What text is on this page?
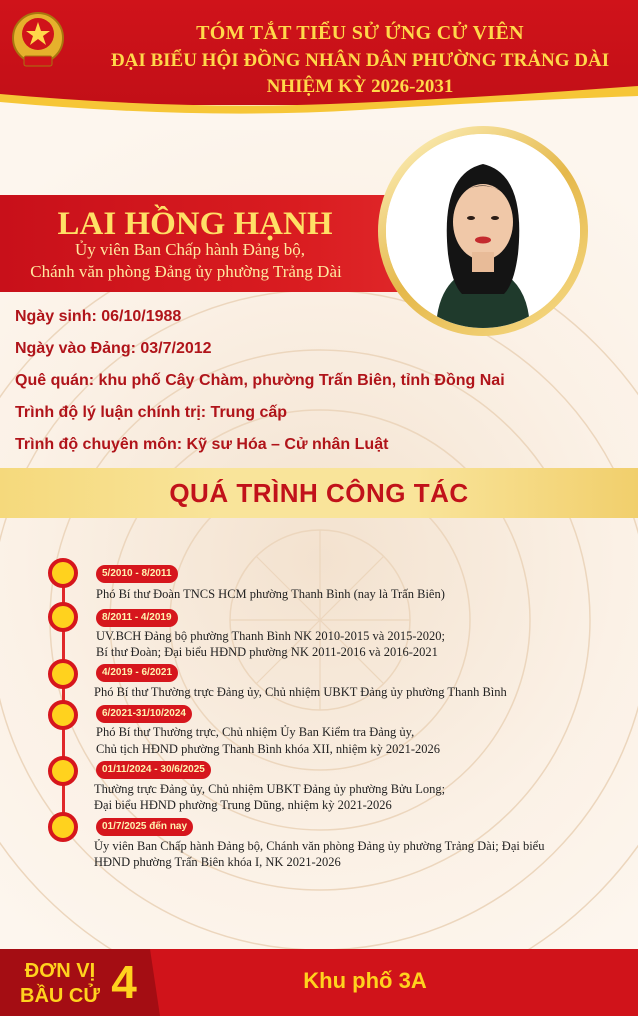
TÓM TẮT TIỂU SỬ ỨNG CỬ VIÊN
ĐẠI BIỂU HỘI ĐỒNG NHÂN DÂN PHƯỜNG TRẢNG DÀI
NHIỆM KỲ 2026-2031
LAI HỒNG HẠNH
Ủy viên Ban Chấp hành Đảng bộ,
Chánh văn phòng Đảng ủy phường Trảng Dài
Ngày sinh: 06/10/1988
Ngày vào Đảng: 03/7/2012
Quê quán: khu phố Cây Chàm, phường Trấn Biên, tỉnh Đồng Nai
Trình độ lý luận chính trị: Trung cấp
Trình độ chuyên môn: Kỹ sư Hóa – Cử nhân Luật
QUÁ TRÌNH CÔNG TÁC
5/2010 - 8/2011
Phó Bí thư Đoàn TNCS HCM phường Thanh Bình (nay là Trấn Biên)
8/2011 - 4/2019
UV.BCH Đảng bộ phường Thanh Bình NK 2010-2015 và 2015-2020;
Bí thư Đoàn; Đại biểu HĐND phường NK 2011-2016 và 2016-2021
4/2019 - 6/2021
Phó Bí thư Thường trực Đảng ủy, Chủ nhiệm UBKT Đảng ủy phường Thanh Bình
6/2021-31/10/2024
Phó Bí thư Thường trực, Chủ nhiệm Ủy Ban Kiểm tra Đảng ủy,
Chủ tịch HĐND phường Thanh Bình khóa XII, nhiệm kỳ 2021-2026
01/11/2024 - 30/6/2025
Thường trực Đảng ủy, Chủ nhiệm UBKT Đảng ủy phường Bửu Long;
Đại biểu HĐND phường Trung Dũng, nhiệm kỳ 2021-2026
01/7/2025 đến nay
Ủy viên Ban Chấp hành Đảng bộ, Chánh văn phòng Đảng ủy phường Trảng Dài; Đại biểu
HĐND phường Trấn Biên khóa I, NK 2021-2026
ĐƠN VỊ
BẦU CỬ 4	Khu phố 3A
